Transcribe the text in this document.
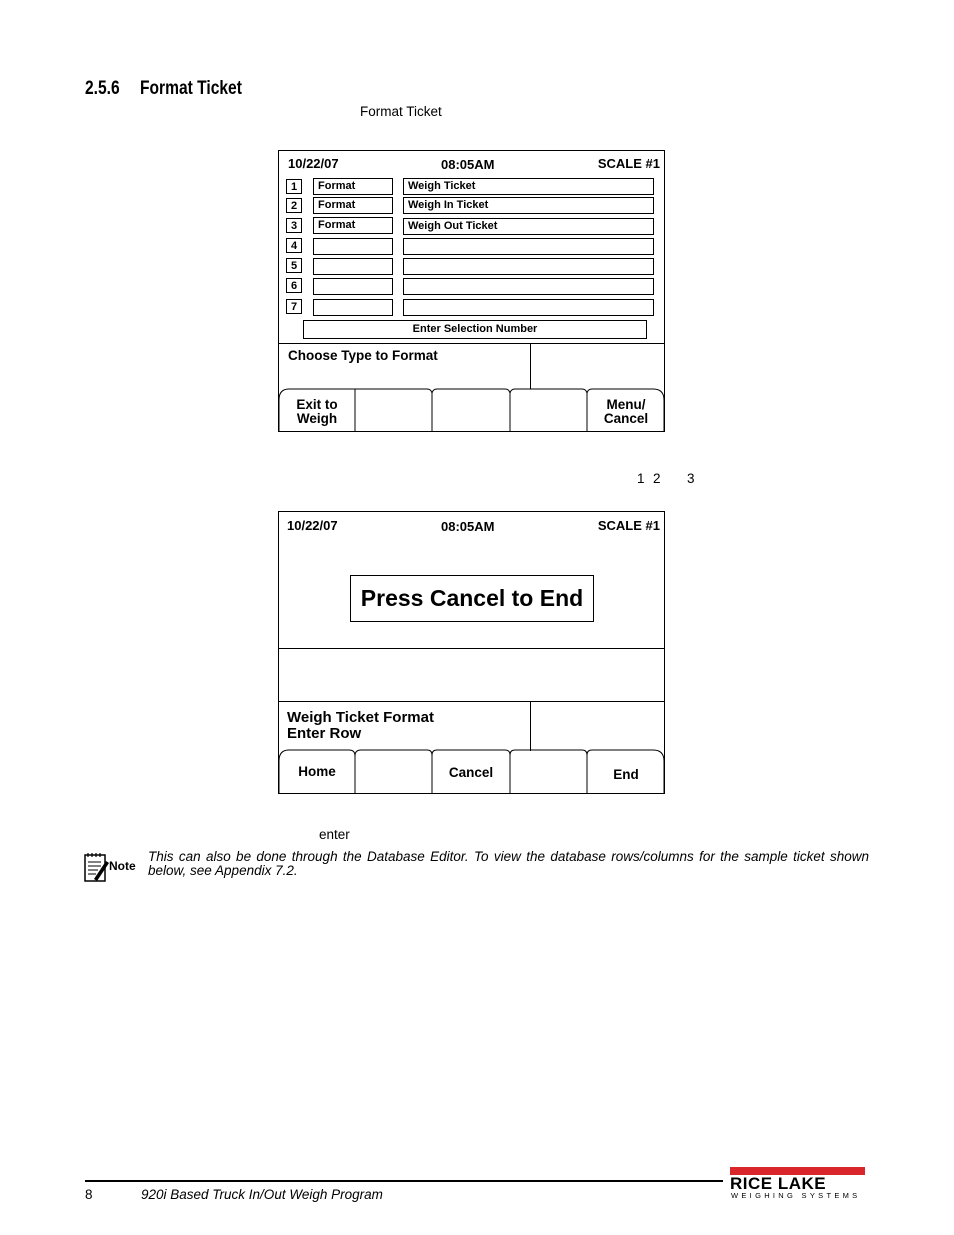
2.5.6 Format Ticket
Format Ticket
10/22/07	08:05AM	SCALE #1
1	Format	Weigh Ticket
2	Format	Weigh In Ticket
3	Format	Weigh Out Ticket
4
5
6
7
Enter Selection Number
Choose Type to Format
Exit to
Weigh
Menu/
Cancel
1 2 3
10/22/07	08:05AM	SCALE #1
Press Cancel to End
Weigh Ticket Format
Enter Row
Home	Cancel	End
enter
Note
This can also be done through the Database Editor. To view the database rows/columns for the sample ticket shown below, see Appendix 7.2.
8	920i Based Truck In/Out Weigh Program
RICE LAKE
WEIGHING SYSTEMS
